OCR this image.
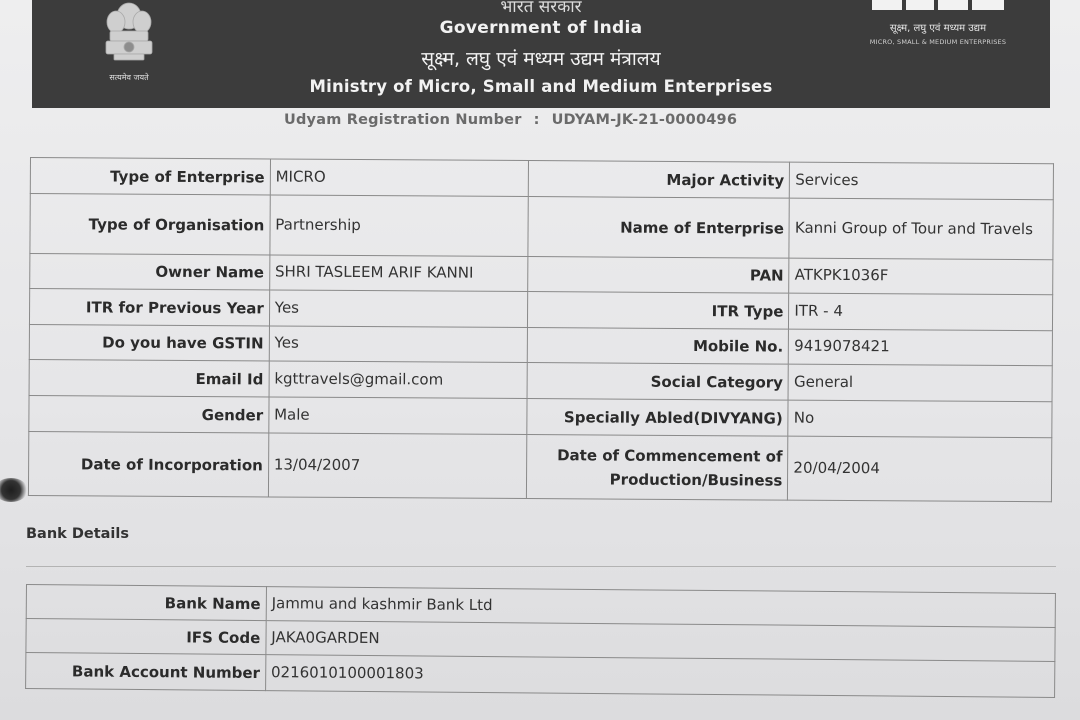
सत्यमेव जयते
भारत सरकार
Government of India
सूक्ष्म, लघु एवं मध्यम उद्यम मंत्रालय
Ministry of Micro, Small and Medium Enterprises
सूक्ष्म, लघु एवं मध्यम उद्यम
MICRO, SMALL & MEDIUM ENTERPRISES
Udyam Registration Number : UDYAM-JK-21-0000496
Type of Enterprise	MICRO	Major Activity	Services
Type of Organisation	Partnership	Name of Enterprise	Kanni Group of Tour and Travels
Owner Name	SHRI TASLEEM ARIF KANNI	PAN	ATKPK1036F
ITR for Previous Year	Yes	ITR Type	ITR - 4
Do you have GSTIN	Yes	Mobile No.	9419078421
Email Id	kgttravels@gmail.com	Social Category	General
Gender	Male	Specially Abled(DIVYANG)	No
Date of Incorporation	13/04/2007	Date of Commencement of Production/Business	20/04/2004
Bank Details
Bank Name	Jammu and kashmir Bank Ltd
IFS Code	JAKA0GARDEN
Bank Account Number	0216010100001803
